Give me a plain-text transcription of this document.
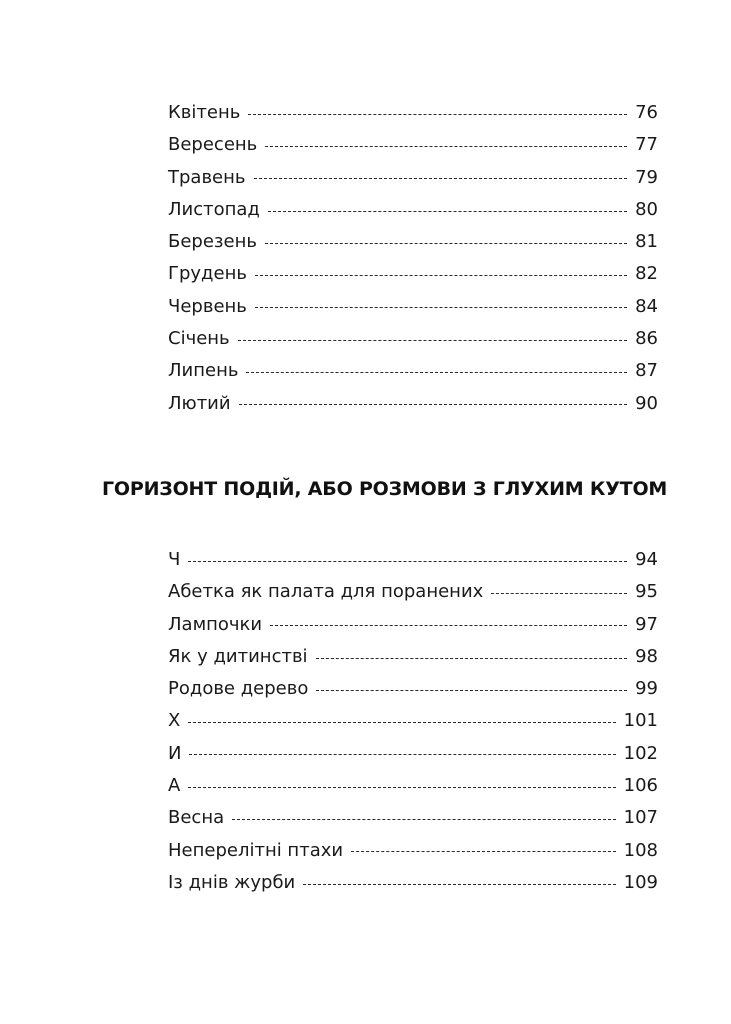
Квітень	76
Вересень	77
Травень	79
Листопад	80
Березень	81
Грудень	82
Червень	84
Січень	86
Липень	87
Лютий	90
ГОРИЗОНТ ПОДІЙ, АБО РОЗМОВИ З ГЛУХИМ КУТОМ
Ч	94
Абетка як палата для поранених	95
Лампочки	97
Як у дитинстві	98
Родове дерево	99
Х	101
И	102
А	106
Весна	107
Неперелітні птахи	108
Із днів журби	109
